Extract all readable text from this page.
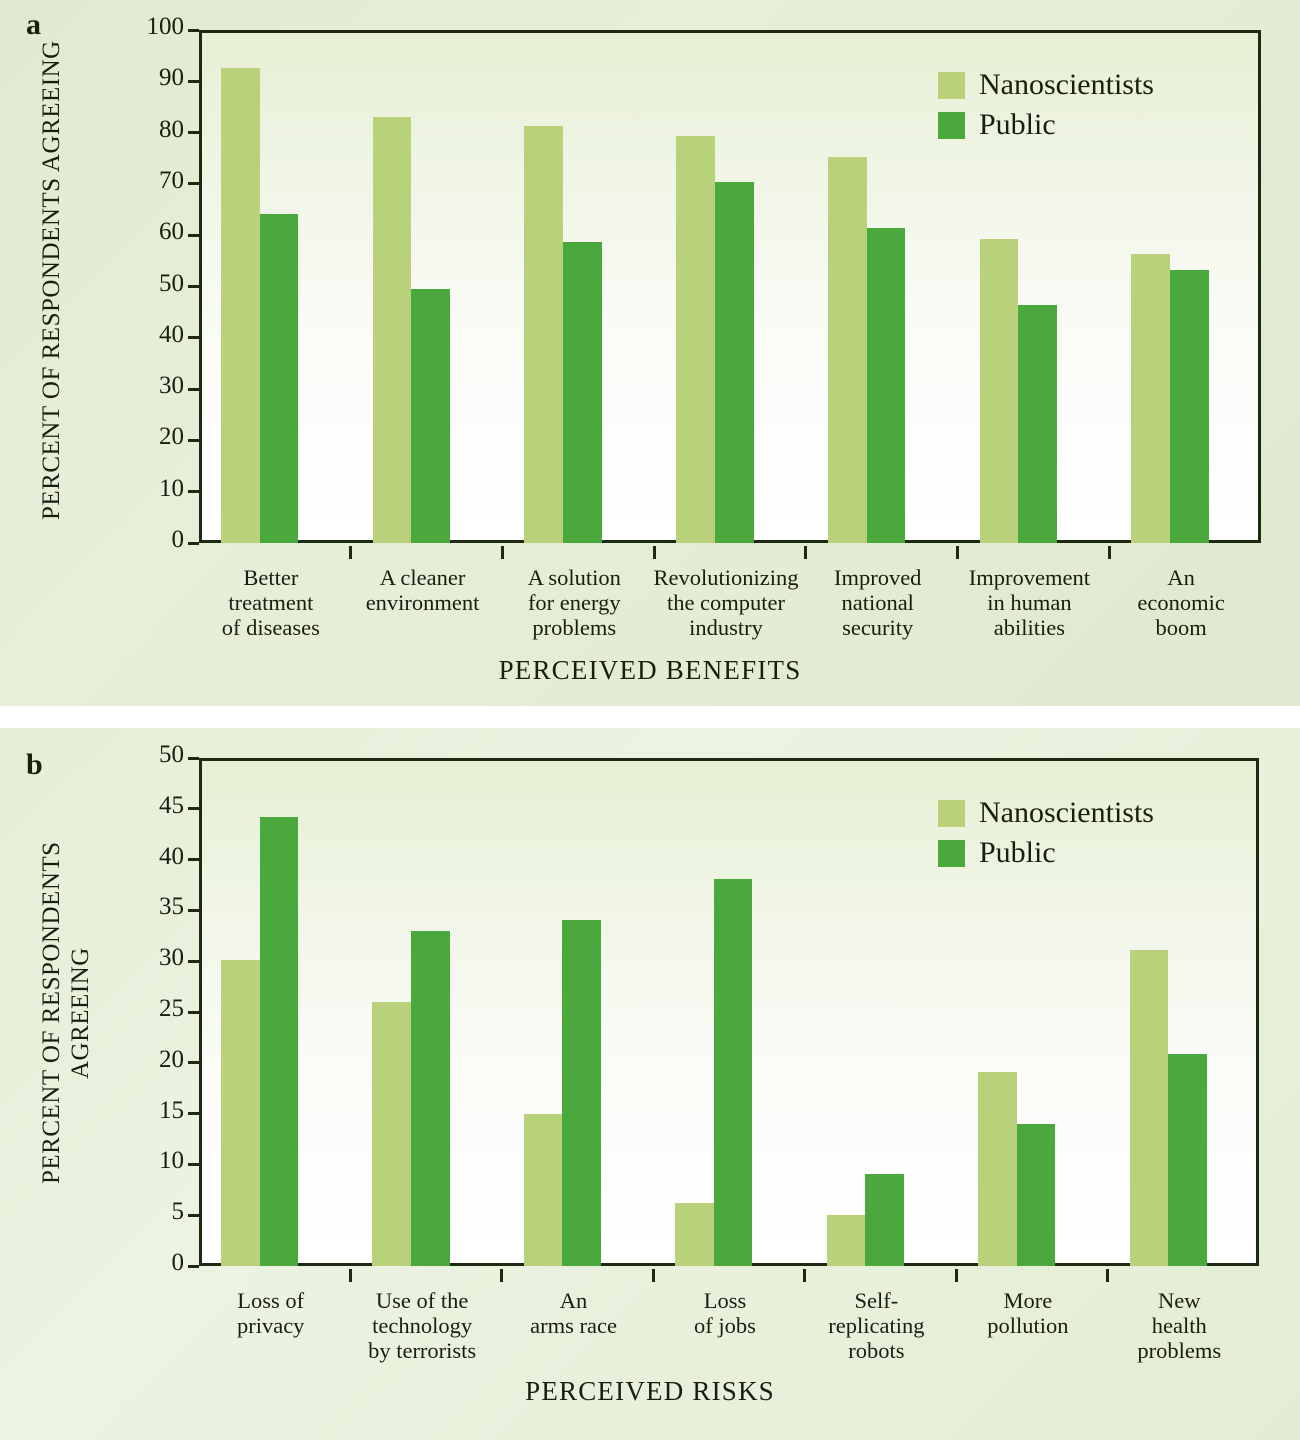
a
PERCENT OF RESPONDENTS AGREEING
0
10
20
30
40
50
60
70
80
90
100
Better
treatment
of diseases
A cleaner
environment
A solution
for energy
problems
Revolutionizing
the computer
industry
Improved
national
security
Improvement
in human
abilities
An
economic
boom
PERCEIVED BENEFITS
Nanoscientists
Public
b
PERCENT OF RESPONDENTS AGREEING
0
5
10
15
20
25
30
35
40
45
50
Loss of
privacy
Use of the
technology
by terrorists
An
arms race
Loss
of jobs
Self-
replicating
robots
More
pollution
New
health
problems
PERCEIVED RISKS
Nanoscientists
Public
